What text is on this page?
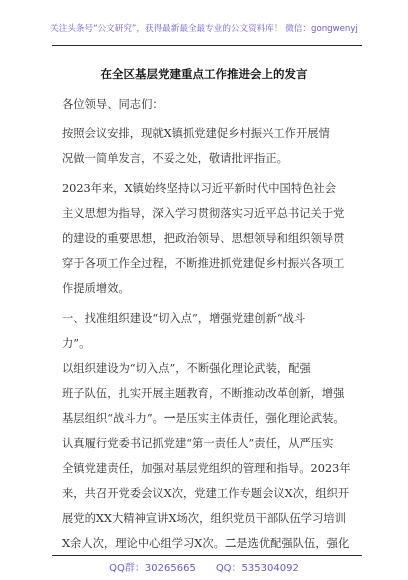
关注头条号“公文研究”，获得最新最全最专业的公文资料库！ 微信：gongwenyj
在全区基层党建重点工作推进会上的发言
各位领导、同志们：
按照会议安排，现就X镇抓党建促乡村振兴工作开展情
况做一简单发言，不妥之处，敬请批评指正。
2023年来，X镇始终坚持以习近平新时代中国特色社会
主义思想为指导，深入学习贯彻落实习近平总书记关于党
的建设的重要思想，把政治领导、思想领导和组织领导贯
穿于各项工作全过程，不断推进抓党建促乡村振兴各项工
作提质增效。
一、找准组织建设“切入点”，增强党建创新“战斗
力”。
以组织建设为“切入点”，不断强化理论武装，配强
班子队伍，扎实开展主题教育，不断推动改革创新，增强
基层组织“战斗力”。一是压实主体责任，强化理论武装。
认真履行党委书记抓党建“第一责任人”责任，从严压实
全镇党建责任，加强对基层党组织的管理和指导。2023年
来，共召开党委会议X次，党建工作专题会议X次，组织开
展党的XX大精神宣讲X场次，组织党员干部队伍学习培训
X余人次，理论中心组学习X次。二是选优配强队伍，强化
QQ群：30265665 QQ：535304092
